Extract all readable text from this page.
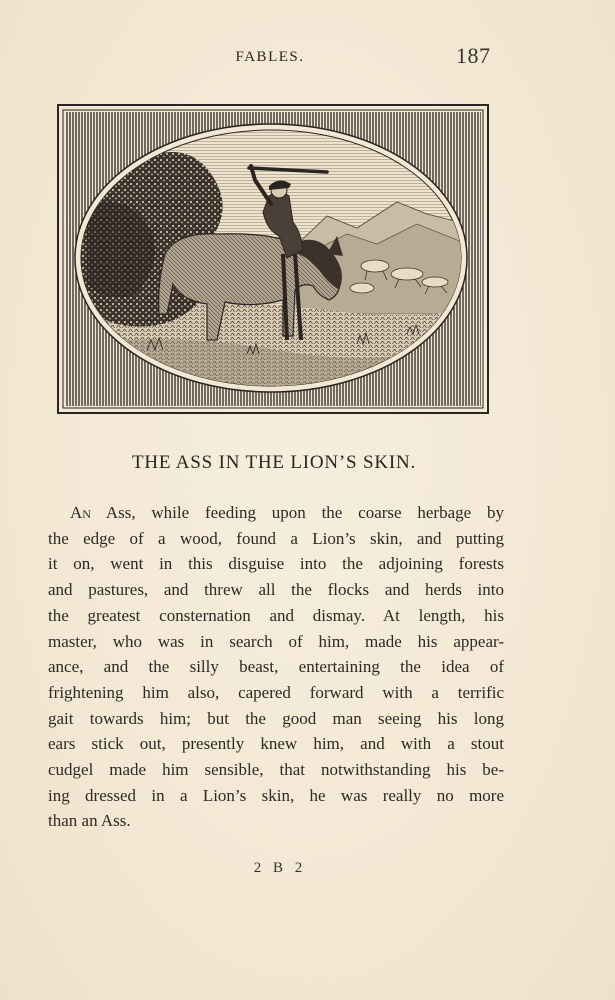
FABLES.	187
THE ASS IN THE LION’S SKIN.
An Ass, while feeding upon the coarse herbage by
the edge of a wood, found a Lion’s skin, and putting
it on, went in this disguise into the adjoining forests
and pastures, and threw all the flocks and herds into
the greatest consternation and dismay. At length, his
master, who was in search of him, made his appear-
ance, and the silly beast, entertaining the idea of
frightening him also, capered forward with a terrific
gait towards him; but the good man seeing his long
ears stick out, presently knew him, and with a stout
cudgel made him sensible, that notwithstanding his be-
ing dressed in a Lion’s skin, he was really no more
than an Ass.
2 B 2
